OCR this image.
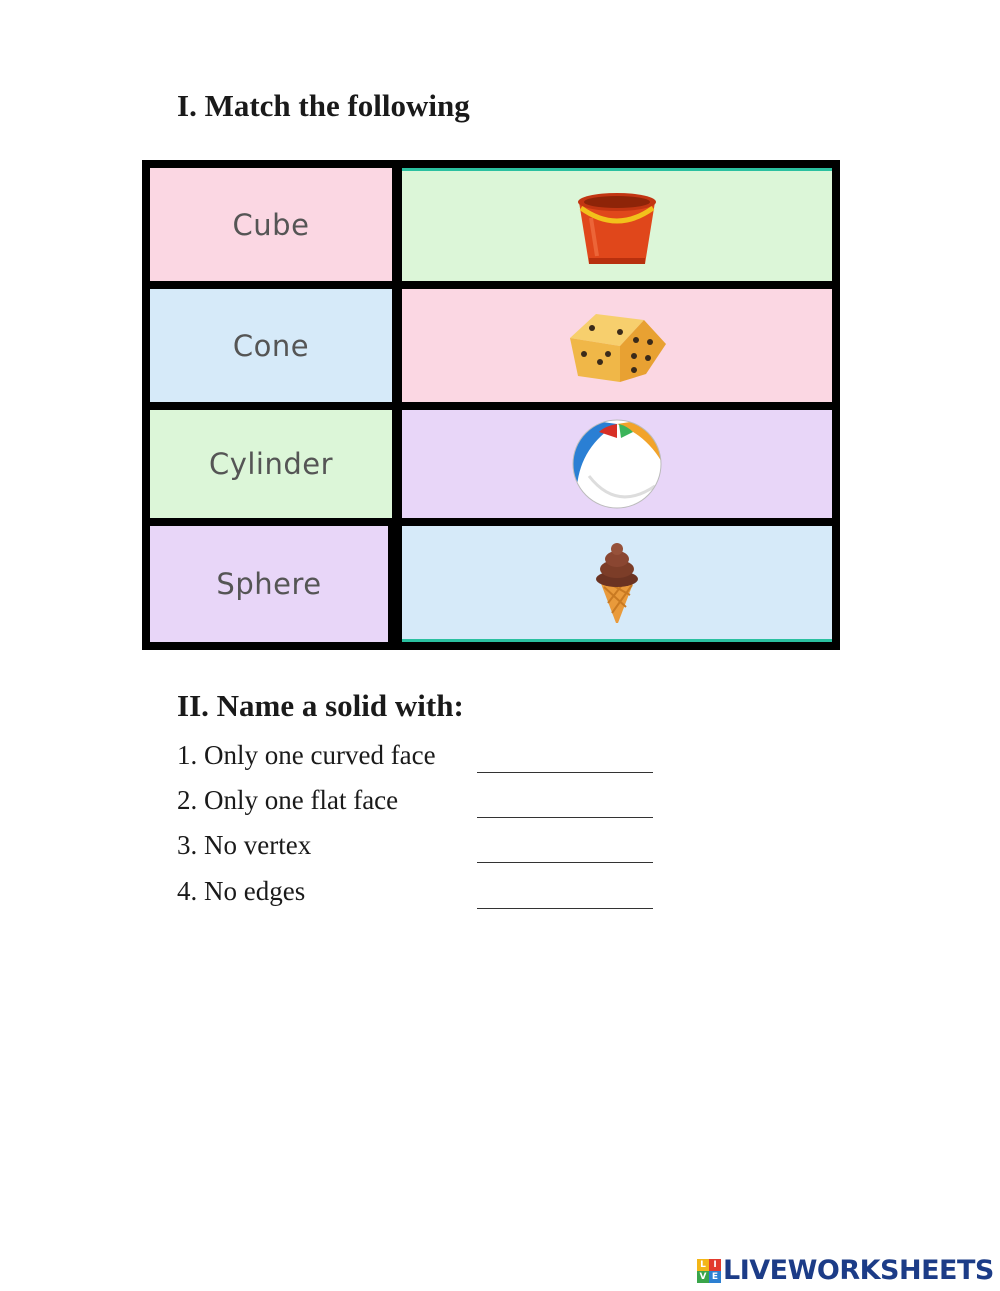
I. Match the following
Cube
Cone
Cylinder
Sphere
II. Name a solid with:
1. Only one curved face
2. Only one flat face
3. No vertex
4. No edges
L I
V E LIVEWORKSHEETS
